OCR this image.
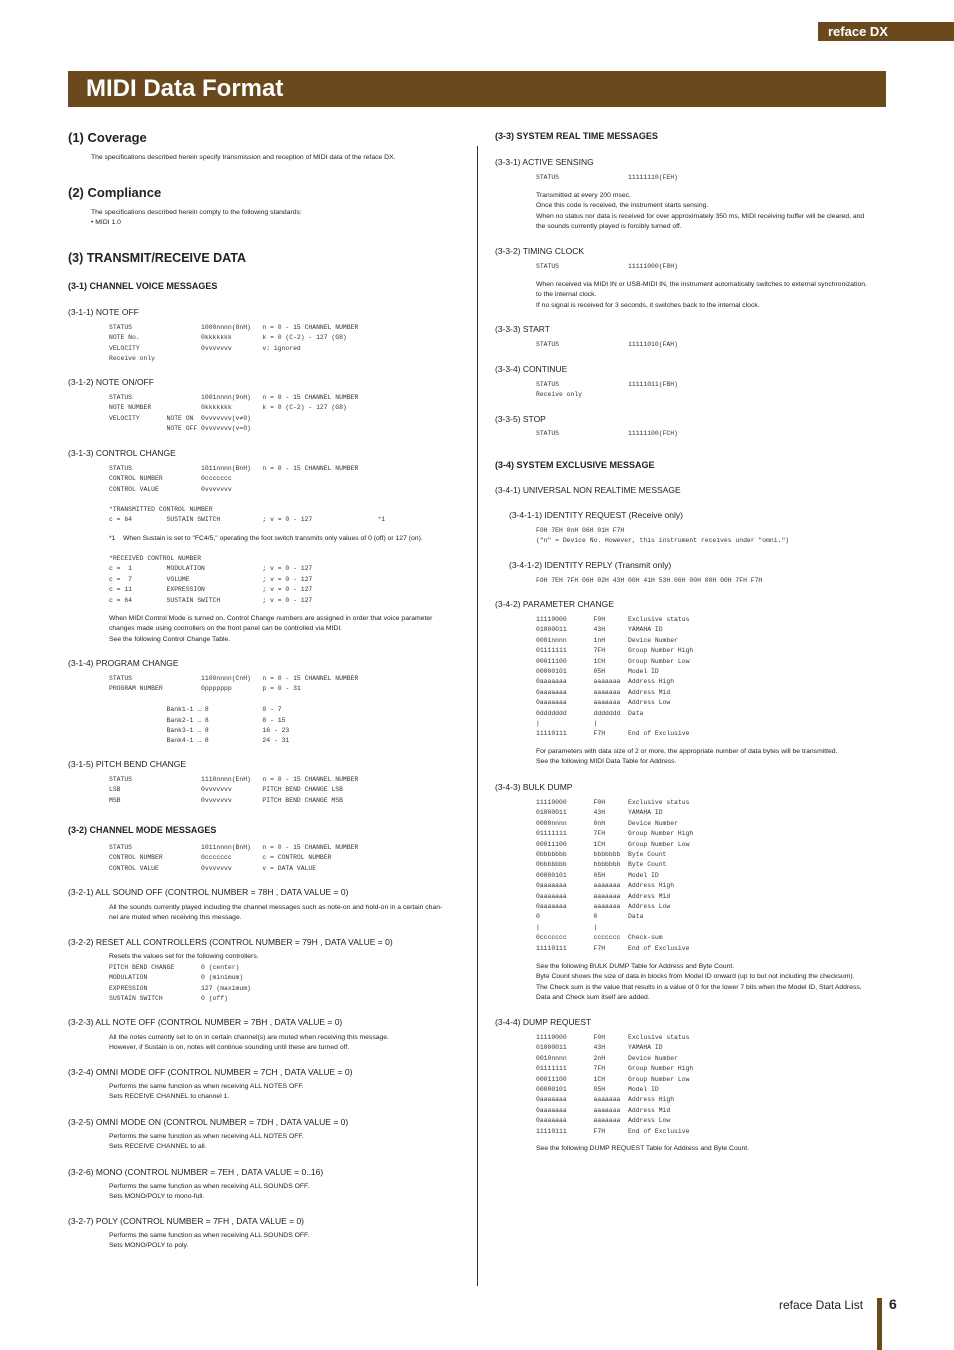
reface DX
MIDI Data Format
(1) Coverage

The specifications described herein specify transmission and reception of MIDI data of the reface DX.

(2) Compliance

The specifications described herein comply to the following standards:
• MIDI 1.0

(3) TRANSMIT/RECEIVE DATA
(3-1) CHANNEL VOICE MESSAGES
(3-1-1) NOTE OFF
STATUS                  1000nnnn(8nH)   n = 0 - 15 CHANNEL NUMBER
NOTE No.                0kkkkkkk        k = 0 (C-2) - 127 (G8)
VELOCITY                0vvvvvvv        v: ignored
Receive only
(3-1-2) NOTE ON/OFF
STATUS                  1001nnnn(9nH)   n = 0 - 15 CHANNEL NUMBER
NOTE NUMBER             0kkkkkkk        k = 0 (C-2) - 127 (G8)
VELOCITY       NOTE ON  0vvvvvvv(v≠0)
NOTE OFF 0vvvvvvv(v=0)
(3-1-3) CONTROL CHANGE
STATUS                  1011nnnn(BnH)   n = 0 - 15 CHANNEL NUMBER
CONTROL NUMBER          0ccccccc
CONTROL VALUE           0vvvvvvv
*TRANSMITTED CONTROL NUMBER
c = 64         SUSTAIN SWITCH           ; v = 0 - 127                 *1

*1    When Sustain is set to "FC4/5," operating the foot switch transmits only values of 0 (off) or 127 (on).

*RECEIVED CONTROL NUMBER
c =  1         MODULATION               ; v = 0 - 127
c =  7         VOLUME                   ; v = 0 - 127
c = 11         EXPRESSION               ; v = 0 - 127
c = 64         SUSTAIN SWITCH           ; v = 0 - 127

When MIDI Control Mode is turned on, Control Change numbers are assigned in order that voice parameter
changes made using controllers on the front panel can be controlled via MIDI.
See the following Control Change Table.

(3-1-4) PROGRAM CHANGE
STATUS                  1100nnnn(CnH)   n = 0 - 15 CHANNEL NUMBER
PROGRAM NUMBER          0ppppppp        p = 0 - 31

Bank1-1 … 8              0 - 7
Bank2-1 … 8              8 - 15
Bank3-1 … 8              16 - 23
Bank4-1 … 8              24 - 31
(3-1-5) PITCH BEND CHANGE
STATUS                  1110nnnn(EnH)   n = 0 - 15 CHANNEL NUMBER
LSB                     0vvvvvvv        PITCH BEND CHANGE LSB
MSB                     0vvvvvvv        PITCH BEND CHANGE MSB
(3-2) CHANNEL MODE MESSAGES
STATUS                  1011nnnn(BnH)   n = 0 - 15 CHANNEL NUMBER
CONTROL NUMBER          0ccccccc        c = CONTROL NUMBER
CONTROL VALUE           0vvvvvvv        v = DATA VALUE
(3-2-1) ALL SOUND OFF (CONTROL NUMBER = 78H , DATA VALUE = 0)

All the sounds currently played including the channel messages such as note-on and hold-on in a certain chan-
nel are muted when receiving this message.

(3-2-2) RESET ALL CONTROLLERS (CONTROL NUMBER = 79H , DATA VALUE = 0)

Resets the values set for the following controllers.

PITCH BEND CHANGE       0 (center)
MODULATION              0 (minimum)
EXPRESSION              127 (maximum)
SUSTAIN SWITCH          0 (off)
(3-2-3) ALL NOTE OFF (CONTROL NUMBER = 7BH , DATA VALUE = 0)

All the notes currently set to on in certain channel(s) are muted when receiving this message.
However, if Sustain is on, notes will continue sounding until these are turned off.

(3-2-4) OMNI MODE OFF (CONTROL NUMBER = 7CH , DATA VALUE = 0)

Performs the same function as when receiving ALL NOTES OFF.
Sets RECEIVE CHANNEL to channel 1.

(3-2-5) OMNI MODE ON (CONTROL NUMBER = 7DH , DATA VALUE = 0)

Performs the same function as when receiving ALL NOTES OFF.
Sets RECEIVE CHANNEL to all.

(3-2-6) MONO (CONTROL NUMBER = 7EH , DATA VALUE = 0..16)

Performs the same function as when receiving ALL SOUNDS OFF.
Sets MONO/POLY to mono-full.

(3-2-7) POLY (CONTROL NUMBER = 7FH , DATA VALUE = 0)

Performs the same function as when receiving ALL SOUNDS OFF.
Sets MONO/POLY to poly.

(3-3) SYSTEM REAL TIME MESSAGES
(3-3-1) ACTIVE SENSING
STATUS                  11111110(FEH)

Transmitted at every 200 msec.
Once this code is received, the instrument starts sensing.
When no status nor data is received for over approximately 350 ms, MIDI receiving buffer will be cleared, and
the sounds currently played is forcibly turned off.

(3-3-2) TIMING CLOCK
STATUS                  11111000(F8H)

When received via MIDI IN or USB-MIDI IN, the instrument automatically switches to external synchronization.
to the internal clock.
If no signal is received for 3 seconds, it switches back to the internal clock.

(3-3-3) START
STATUS                  11111010(FAH)
(3-3-4) CONTINUE
STATUS                  11111011(FBH)
Receive only
(3-3-5) STOP
STATUS                  11111100(FCH)
(3-4) SYSTEM EXCLUSIVE MESSAGE
(3-4-1) UNIVERSAL NON REALTIME MESSAGE
(3-4-1-1) IDENTITY REQUEST (Receive only)
F0H 7EH 0nH 06H 01H F7H
("n" = Device No. However, this instrument receives under "omni.")
(3-4-1-2) IDENTITY REPLY (Transmit only)
F0H 7EH 7FH 06H 02H 43H 00H 41H 53H 06H 00H 00H 00H 7FH F7H
(3-4-2) PARAMETER CHANGE
11110000       F0H      Exclusive status
01000011       43H      YAMAHA ID
0001nnnn       1nH      Device Number
01111111       7FH      Group Number High
00011100       1CH      Group Number Low
00000101       05H      Model ID
0aaaaaaa       aaaaaaa  Address High
0aaaaaaa       aaaaaaa  Address Mid
0aaaaaaa       aaaaaaa  Address Low
0ddddddd       ddddddd  Data
|              |
11110111       F7H      End of Exclusive

For parameters with data size of 2 or more, the appropriate number of data bytes will be transmitted.
See the following MIDI Data Table for Address.

(3-4-3) BULK DUMP
11110000       F0H      Exclusive status
01000011       43H      YAMAHA ID
0000nnnn       0nH      Device Number
01111111       7FH      Group Number High
00011100       1CH      Group Number Low
0bbbbbbb       bbbbbbb  Byte Count
0bbbbbbb       bbbbbbb  Byte Count
00000101       05H      Model ID
0aaaaaaa       aaaaaaa  Address High
0aaaaaaa       aaaaaaa  Address Mid
0aaaaaaa       aaaaaaa  Address Low
0              0        Data
|              |
0ccccccc       ccccccc  Check-sum
11110111       F7H      End of Exclusive

See the following BULK DUMP Table for Address and Byte Count.
Byte Count shows the size of data in blocks from Model ID onward (up to but not including the checksum).
The Check sum is the value that results in a value of 0 for the lower 7 bits when the Model ID, Start Address,
Data and Check sum itself are added.

(3-4-4) DUMP REQUEST
11110000       F0H      Exclusive status
01000011       43H      YAMAHA ID
0010nnnn       2nH      Device Number
01111111       7FH      Group Number High
00011100       1CH      Group Number Low
00000101       05H      Model ID
0aaaaaaa       aaaaaaa  Address High
0aaaaaaa       aaaaaaa  Address Mid
0aaaaaaa       aaaaaaa  Address Low
11110111       F7H      End of Exclusive

See the following DUMP REQUEST Table for Address and Byte Count.

reface Data List 6
